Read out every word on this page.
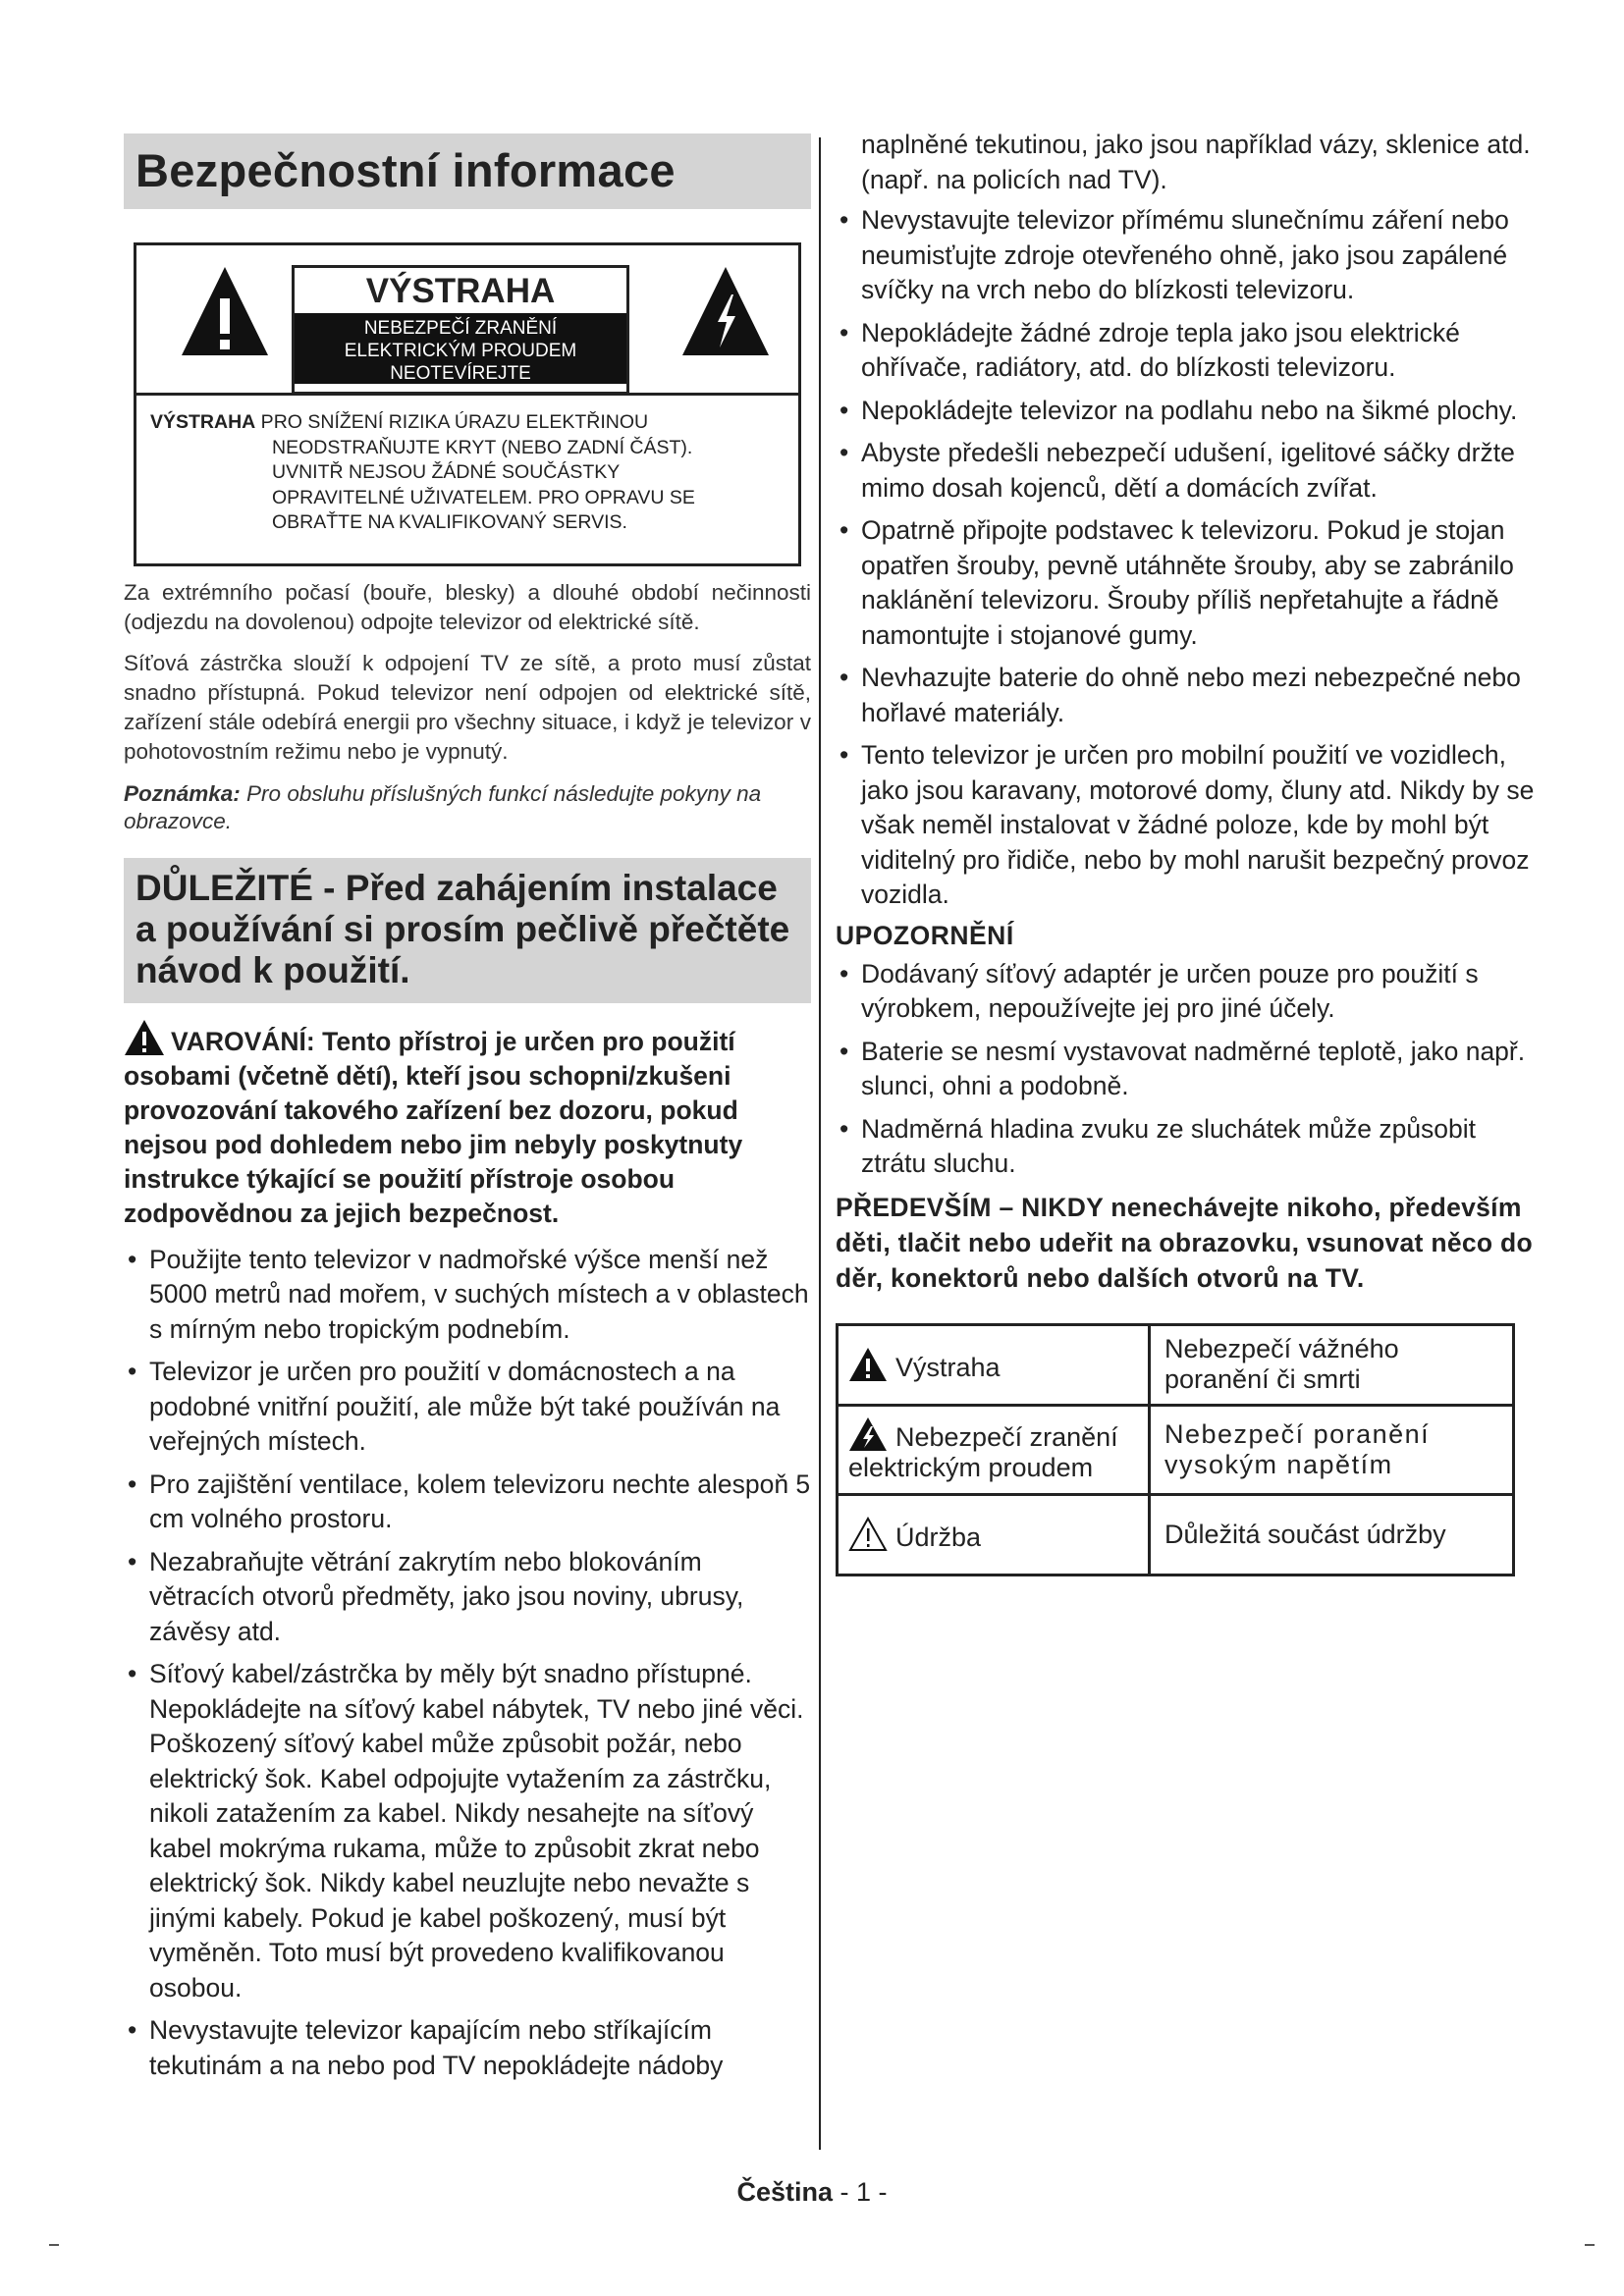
Bezpečnostní informace
VÝSTRAHA
NEBEZPEČÍ ZRANĚNÍ
ELEKTRICKÝM PROUDEM
NEOTEVÍREJTE
VÝSTRAHA PRO SNÍŽENÍ RIZIKA ÚRAZU ELEKTŘINOU
NEODSTRAŇUJTE KRYT (NEBO ZADNÍ ČÁST).
UVNITŘ NEJSOU ŽÁDNÉ SOUČÁSTKY
OPRAVITELNÉ UŽIVATELEM. PRO OPRAVU SE
OBRAŤTE NA KVALIFIKOVANÝ SERVIS.

Za extrémního počasí (bouře, blesky) a dlouhé období nečinnosti (odjezdu na dovolenou) odpojte televizor od elektrické sítě.

Síťová zástrčka slouží k odpojení TV ze sítě, a proto musí zůstat snadno přístupná. Pokud televizor není odpojen od elektrické sítě, zařízení stále odebírá energii pro všechny situace, i když je televizor v pohotovostním režimu nebo je vypnutý.

Poznámka: Pro obsluhu příslušných funkcí následujte pokyny na obrazovce.

DŮLEŽITÉ - Před zahájením instalace a používání si prosím pečlivě přečtěte návod k použití.
VAROVÁNÍ: Tento přístroj je určen pro použití osobami (včetně dětí), kteří jsou schopni/zkušeni provozování takového zařízení bez dozoru, pokud nejsou pod dohledem nebo jim nebyly poskytnuty instrukce týkající se použití přístroje osobou zodpovědnou za jejich bezpečnost.
• Použijte tento televizor v nadmořské výšce menší než 5000 metrů nad mořem, v suchých místech a v oblastech s mírným nebo tropickým podnebím.
• Televizor je určen pro použití v domácnostech a na podobné vnitřní použití, ale může být také používán na veřejných místech.
• Pro zajištění ventilace, kolem televizoru nechte alespoň 5 cm volného prostoru.
• Nezabraňujte větrání zakrytím nebo blokováním větracích otvorů předměty, jako jsou noviny, ubrusy, závěsy atd.
• Síťový kabel/zástrčka by měly být snadno přístupné. Nepokládejte na síťový kabel nábytek, TV nebo jiné věci. Poškozený síťový kabel může způsobit požár, nebo elektrický šok. Kabel odpojujte vytažením za zástrčku, nikoli zatažením za kabel. Nikdy nesahejte na síťový kabel mokrýma rukama, může to způsobit zkrat nebo elektrický šok. Nikdy kabel neuzlujte nebo nevažte s jinými kabely. Pokud je kabel poškozený, musí být vyměněn. Toto musí být provedeno kvalifikovanou osobou.
• Nevystavujte televizor kapajícím nebo stříkajícím tekutinám a na nebo pod TV nepokládejte nádoby

naplněné tekutinou, jako jsou například vázy, sklenice atd. (např. na policích nad TV).

• Nevystavujte televizor přímému slunečnímu záření nebo neumisťujte zdroje otevřeného ohně, jako jsou zapálené svíčky na vrch nebo do blízkosti televizoru.
• Nepokládejte žádné zdroje tepla jako jsou elektrické ohřívače, radiátory, atd. do blízkosti televizoru.
• Nepokládejte televizor na podlahu nebo na šikmé plochy.
• Abyste předešli nebezpečí udušení, igelitové sáčky držte mimo dosah kojenců, dětí a domácích zvířat.
• Opatrně připojte podstavec k televizoru. Pokud je stojan opatřen šrouby, pevně utáhněte šrouby, aby se zabránilo naklánění televizoru. Šrouby příliš nepřetahujte a řádně namontujte i stojanové gumy.
• Nevhazujte baterie do ohně nebo mezi nebezpečné nebo hořlavé materiály.
• Tento televizor je určen pro mobilní použití ve vozidlech, jako jsou karavany, motorové domy, čluny atd. Nikdy by se však neměl instalovat v žádné poloze, kde by mohl být viditelný pro řidiče, nebo by mohl narušit bezpečný provoz vozidla.
UPOZORNĚNÍ
• Dodávaný síťový adaptér je určen pouze pro použití s výrobkem, nepoužívejte jej pro jiné účely.
• Baterie se nesmí vystavovat nadměrné teplotě, jako např. slunci, ohni a podobně.
• Nadměrná hladina zvuku ze sluchátek může způsobit ztrátu sluchu.
PŘEDEVŠÍM – NIKDY nenechávejte nikoho, především děti, tlačit nebo udeřit na obrazovku, vsunovat něco do děr, konektorů nebo dalších otvorů na TV.
Výstraha	Nebezpečí vážného poranění či smrti
Nebezpečí zranění elektrickým proudem	Nebezpečí poranění vysokým napětím
Údržba	Důležitá součást údržby
Čeština - 1 -
